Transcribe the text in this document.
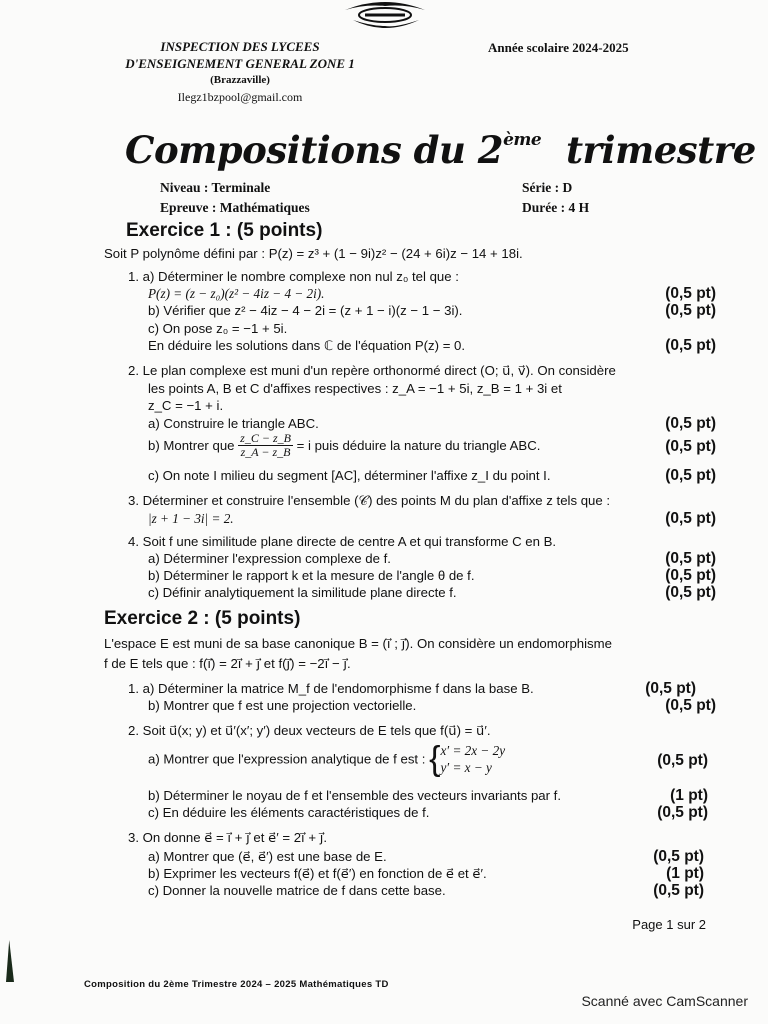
INSPECTION DES LYCEES
D'ENSEIGNEMENT GENERAL ZONE 1
(Brazzaville)
Ilegz1bzpool@gmail.com
Année scolaire 2024-2025
Compositions du 2ème trimestre
Niveau : Terminale
Epreuve : Mathématiques
Série : D
Durée : 4 H
Exercice 1 : (5 points)
Soit P polynôme défini par : P(z) = z³ + (1 − 9i)z² − (24 + 6i)z − 14 + 18i.
1. a) Déterminer le nombre complexe non nul z₀ tel que :
P(z) = (z − z₀)(z² − 4iz − 4 − 2i).	(0,5 pt)
b) Vérifier que z² − 4iz − 4 − 2i = (z + 1 − i)(z − 1 − 3i).	(0,5 pt)
c) On pose z₀ = −1 + 5i.
En déduire les solutions dans ℂ de l'équation P(z) = 0.	(0,5 pt)
2. Le plan complexe est muni d'un repère orthonormé direct (O; u⃗, v⃗). On considère
les points A, B et C d'affixes respectives : z_A = −1 + 5i, z_B = 1 + 3i et
z_C = −1 + i.
a) Construire le triangle ABC.	(0,5 pt)
b) Montrer que $\frac{z\_C - z\_B}{z\_A - z\_B} = i$ puis déduire la nature du triangle ABC.	(0,5 pt)
c) On note I milieu du segment [AC], déterminer l'affixe z_I du point I.	(0,5 pt)
3. Déterminer et construire l'ensemble (𝒞) des points M du plan d'affixe z tels que :
|z + 1 − 3i| = 2.	(0,5 pt)
4. Soit f une similitude plane directe de centre A et qui transforme C en B.
a) Déterminer l'expression complexe de f.	(0,5 pt)
b) Déterminer le rapport k et la mesure de l'angle θ de f.	(0,5 pt)
c) Définir analytiquement la similitude plane directe f.	(0,5 pt)
Exercice 2 : (5 points)
L'espace E est muni de sa base canonique B = (i⃗ ; j⃗). On considère un endomorphisme
f de E tels que : f(i⃗) = 2i⃗ + j⃗ et f(j⃗) = −2i⃗ − j⃗.
1. a) Déterminer la matrice M_f de l'endomorphisme f dans la base B.	(0,5 pt)
b) Montrer que f est une projection vectorielle.	(0,5 pt)
2. Soit u⃗(x; y) et u⃗′(x′; y′) deux vecteurs de E tels que f(u⃗) = u⃗′.
a) Montrer que l'expression analytique de f est : { x′ = 2x − 2y
y′ = x − y	(0,5 pt)
b) Déterminer le noyau de f et l'ensemble des vecteurs invariants par f.	(1 pt)
c) En déduire les éléments caractéristiques de f.	(0,5 pt)
3. On donne e⃗ = i⃗ + j⃗ et e⃗′ = 2i⃗ + j⃗.
a) Montrer que (e⃗, e⃗′) est une base de E.	(0,5 pt)
b) Exprimer les vecteurs f(e⃗) et f(e⃗′) en fonction de e⃗ et e⃗′.	(1 pt)
c) Donner la nouvelle matrice de f dans cette base.	(0,5 pt)
Page 1 sur 2
Composition du 2ème Trimestre 2024 – 2025 Mathématiques TD
Scanné avec CamScanner
